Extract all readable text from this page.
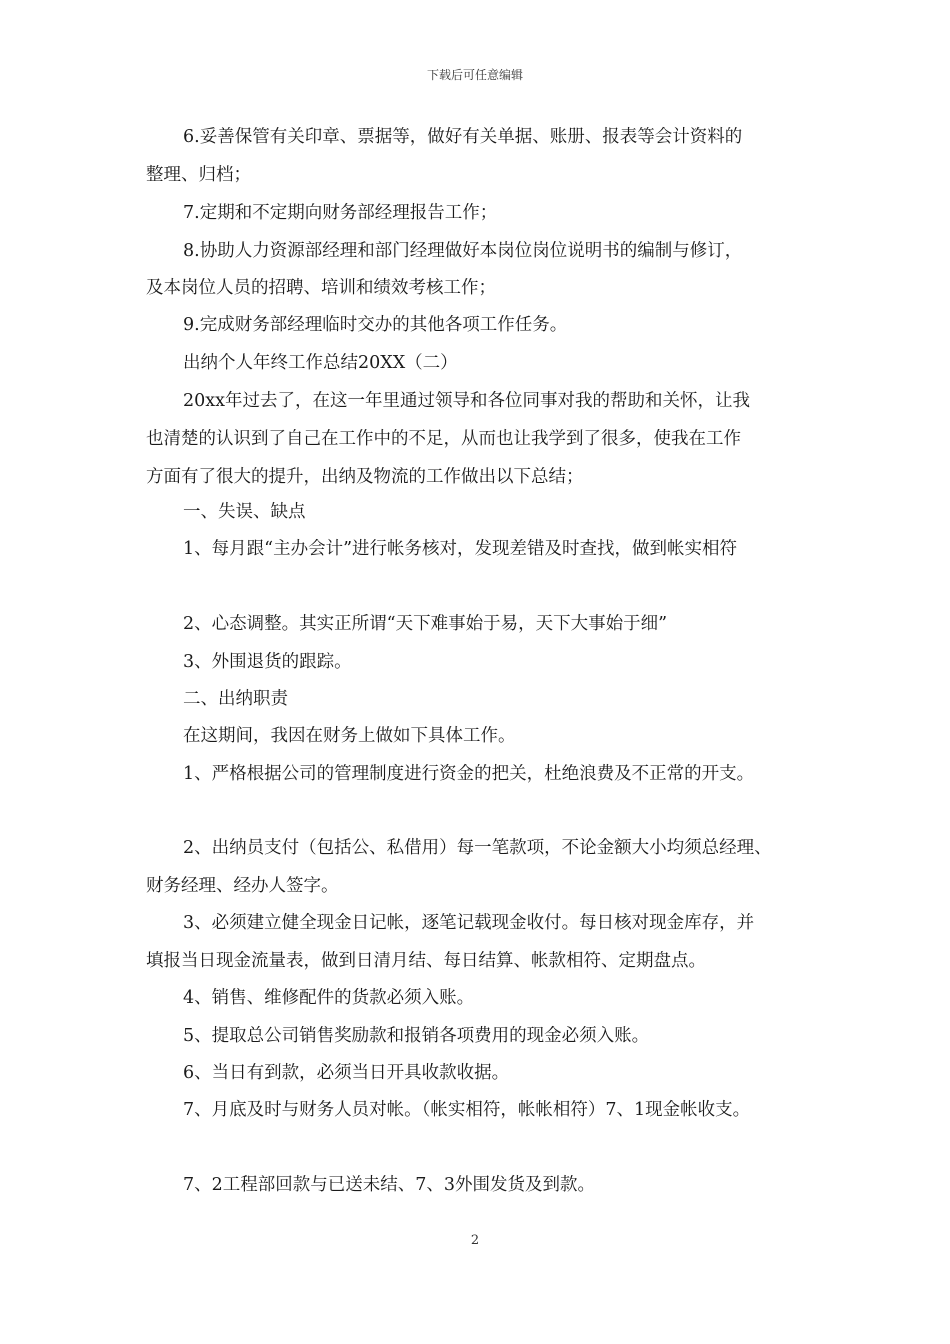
下载后可任意编辑
6.妥善保管有关印章、票据等，做好有关单据、账册、报表等会计资料的
整理、归档；
7.定期和不定期向财务部经理报告工作；
8.协助人力资源部经理和部门经理做好本岗位岗位说明书的编制与修订，
及本岗位人员的招聘、培训和绩效考核工作；
9.完成财务部经理临时交办的其他各项工作任务。
出纳个人年终工作总结20XX（二）
20xx年过去了，在这一年里通过领导和各位同事对我的帮助和关怀，让我
也清楚的认识到了自己在工作中的不足，从而也让我学到了很多，使我在工作
方面有了很大的提升，出纳及物流的工作做出以下总结；
一、失误、缺点
1、每月跟“主办会计”进行帐务核对，发现差错及时查找，做到帐实相符
2、心态调整。其实正所谓“天下难事始于易，天下大事始于细”
3、外围退货的跟踪。
二、出纳职责
在这期间，我因在财务上做如下具体工作。
1、严格根据公司的管理制度进行资金的把关，杜绝浪费及不正常的开支。
2、出纳员支付（包括公、私借用）每一笔款项，不论金额大小均须总经理、
财务经理、经办人签字。
3、必须建立健全现金日记帐，逐笔记载现金收付。每日核对现金库存，并
填报当日现金流量表，做到日清月结、每日结算、帐款相符、定期盘点。
4、销售、维修配件的货款必须入账。
5、提取总公司销售奖励款和报销各项费用的现金必须入账。
6、当日有到款，必须当日开具收款收据。
7、月底及时与财务人员对帐。（帐实相符，帐帐相符）7、1现金帐收支。
7、2工程部回款与已送未结、7、3外围发货及到款。
2
